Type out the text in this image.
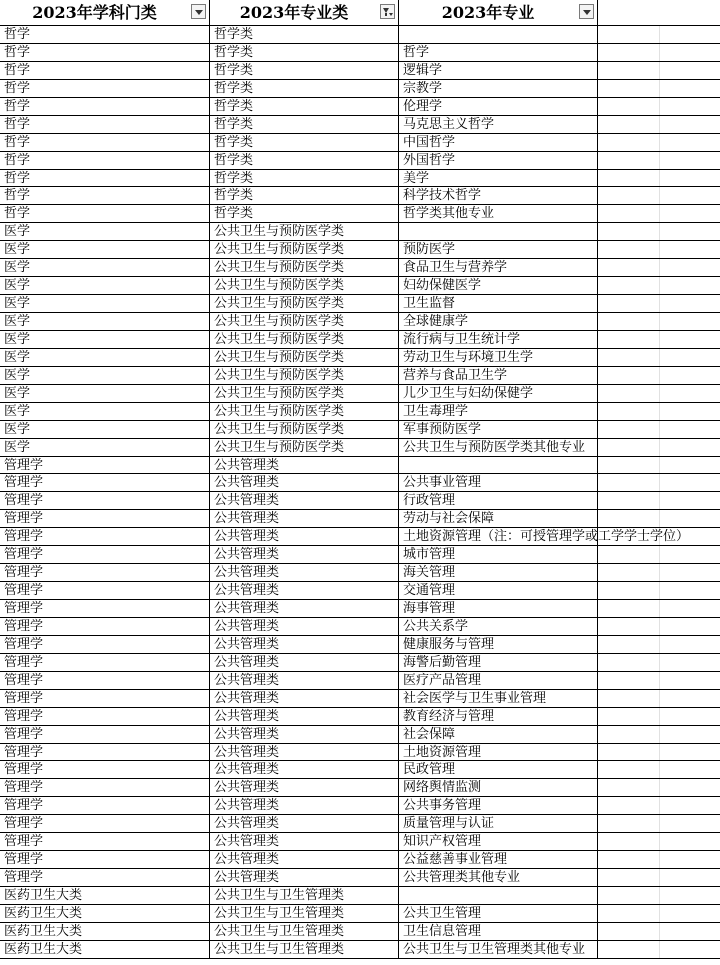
2023年学科门类	2023年专业类	2023年专业
哲学	哲学类
哲学	哲学类	哲学
哲学	哲学类	逻辑学
哲学	哲学类	宗教学
哲学	哲学类	伦理学
哲学	哲学类	马克思主义哲学
哲学	哲学类	中国哲学
哲学	哲学类	外国哲学
哲学	哲学类	美学
哲学	哲学类	科学技术哲学
哲学	哲学类	哲学类其他专业
医学	公共卫生与预防医学类
医学	公共卫生与预防医学类	预防医学
医学	公共卫生与预防医学类	食品卫生与营养学
医学	公共卫生与预防医学类	妇幼保健医学
医学	公共卫生与预防医学类	卫生监督
医学	公共卫生与预防医学类	全球健康学
医学	公共卫生与预防医学类	流行病与卫生统计学
医学	公共卫生与预防医学类	劳动卫生与环境卫生学
医学	公共卫生与预防医学类	营养与食品卫生学
医学	公共卫生与预防医学类	儿少卫生与妇幼保健学
医学	公共卫生与预防医学类	卫生毒理学
医学	公共卫生与预防医学类	军事预防医学
医学	公共卫生与预防医学类	公共卫生与预防医学类其他专业
管理学	公共管理类
管理学	公共管理类	公共事业管理
管理学	公共管理类	行政管理
管理学	公共管理类	劳动与社会保障
管理学	公共管理类	土地资源管理（注：可授管理学或工学学士学位）
管理学	公共管理类	城市管理
管理学	公共管理类	海关管理
管理学	公共管理类	交通管理
管理学	公共管理类	海事管理
管理学	公共管理类	公共关系学
管理学	公共管理类	健康服务与管理
管理学	公共管理类	海警后勤管理
管理学	公共管理类	医疗产品管理
管理学	公共管理类	社会医学与卫生事业管理
管理学	公共管理类	教育经济与管理
管理学	公共管理类	社会保障
管理学	公共管理类	土地资源管理
管理学	公共管理类	民政管理
管理学	公共管理类	网络舆情监测
管理学	公共管理类	公共事务管理
管理学	公共管理类	质量管理与认证
管理学	公共管理类	知识产权管理
管理学	公共管理类	公益慈善事业管理
管理学	公共管理类	公共管理类其他专业
医药卫生大类	公共卫生与卫生管理类
医药卫生大类	公共卫生与卫生管理类	公共卫生管理
医药卫生大类	公共卫生与卫生管理类	卫生信息管理
医药卫生大类	公共卫生与卫生管理类	公共卫生与卫生管理类其他专业
